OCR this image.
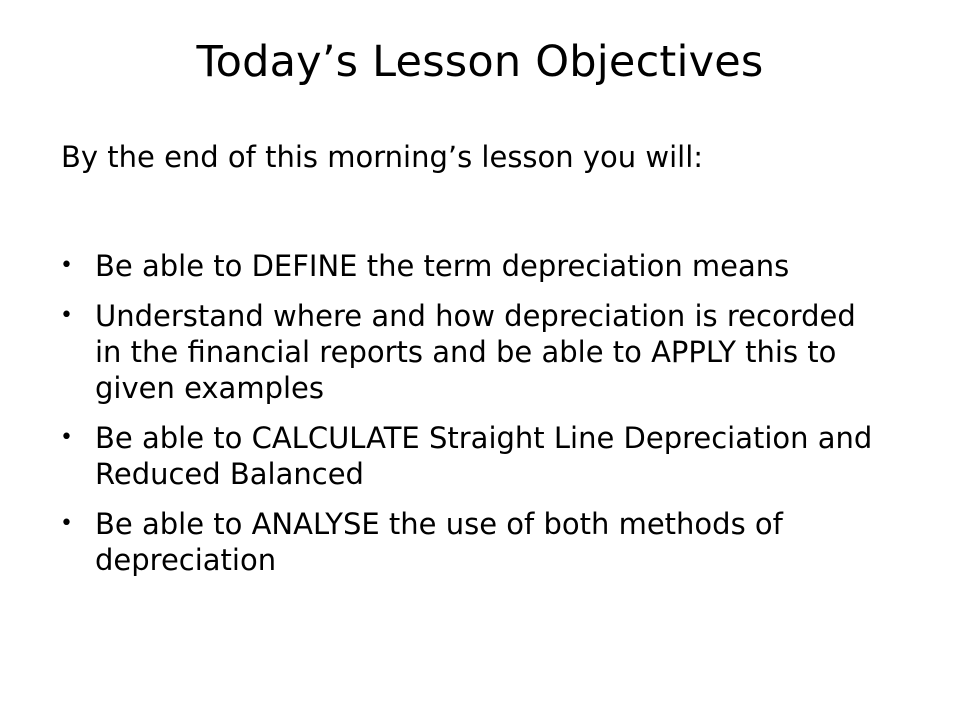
Today’s Lesson Objectives
By the end of this morning’s lesson you will:
• Be able to DEFINE the term depreciation means
• Understand where and how depreciation is recorded in the financial reports and be able to APPLY this to given examples
• Be able to CALCULATE Straight Line Depreciation and Reduced Balanced
• Be able to ANALYSE the use of both methods of depreciation
